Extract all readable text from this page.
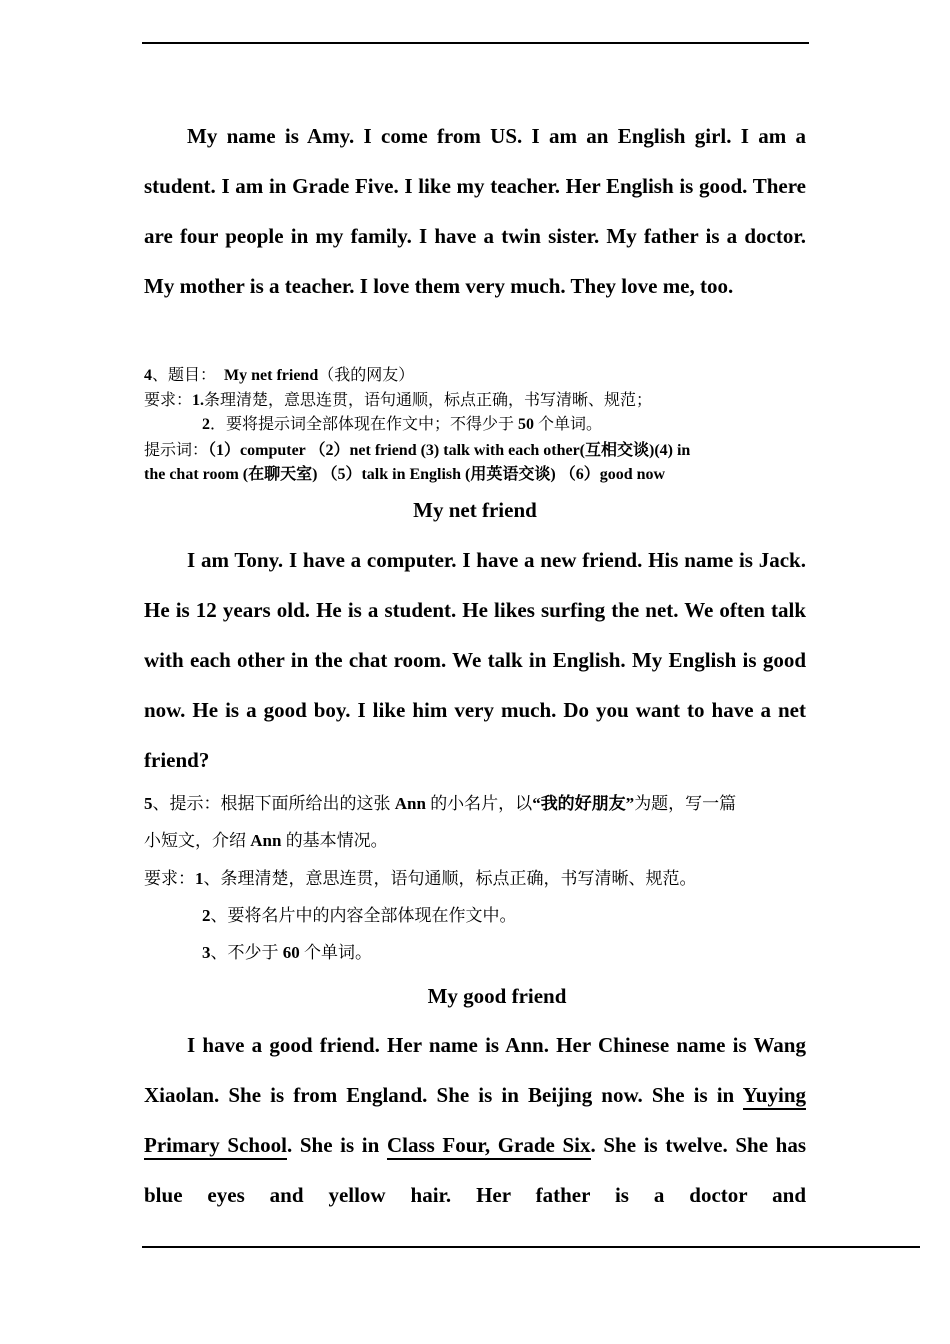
My name is Amy. I come from US. I am an English girl. I am a student. I am in Grade Five. I like my teacher. Her English is good. There are four people in my family. I have a twin sister. My father is a doctor. My mother is a teacher. I love them very much. They love me, too.

4、题目： My net friend（我的网友）
要求：1.条理清楚，意思连贯，语句通顺，标点正确，书写清晰、规范；
2．要将提示词全部体现在作文中；不得少于 50 个单词。
提示词：（1）computer （2）net friend (3) talk with each other(互相交谈)(4) in
the chat room (在聊天室) （5）talk in English (用英语交谈) （6）good now
My net friend

I am Tony. I have a computer. I have a new friend. His name is Jack. He is 12 years old. He is a student. He likes surfing the net. We often talk with each other in the chat room. We talk in English. My English is good now. He is a good boy. I like him very much. Do you want to have a net friend?

5、提示：根据下面所给出的这张 Ann 的小名片，以“我的好朋友”为题，写一篇
小短文，介绍 Ann 的基本情况。
要求：1、条理清楚，意思连贯，语句通顺，标点正确，书写清晰、规范。
2、要将名片中的内容全部体现在作文中。
3、不少于 60 个单词。
My good friend

I have a good friend. Her name is Ann. Her Chinese name is Wang Xiaolan. She is from England. She is in Beijing now. She is in Yuying Primary School. She is in Class Four, Grade Six. She is twelve. She has blue eyes and yellow hair. Her father is a doctor and
